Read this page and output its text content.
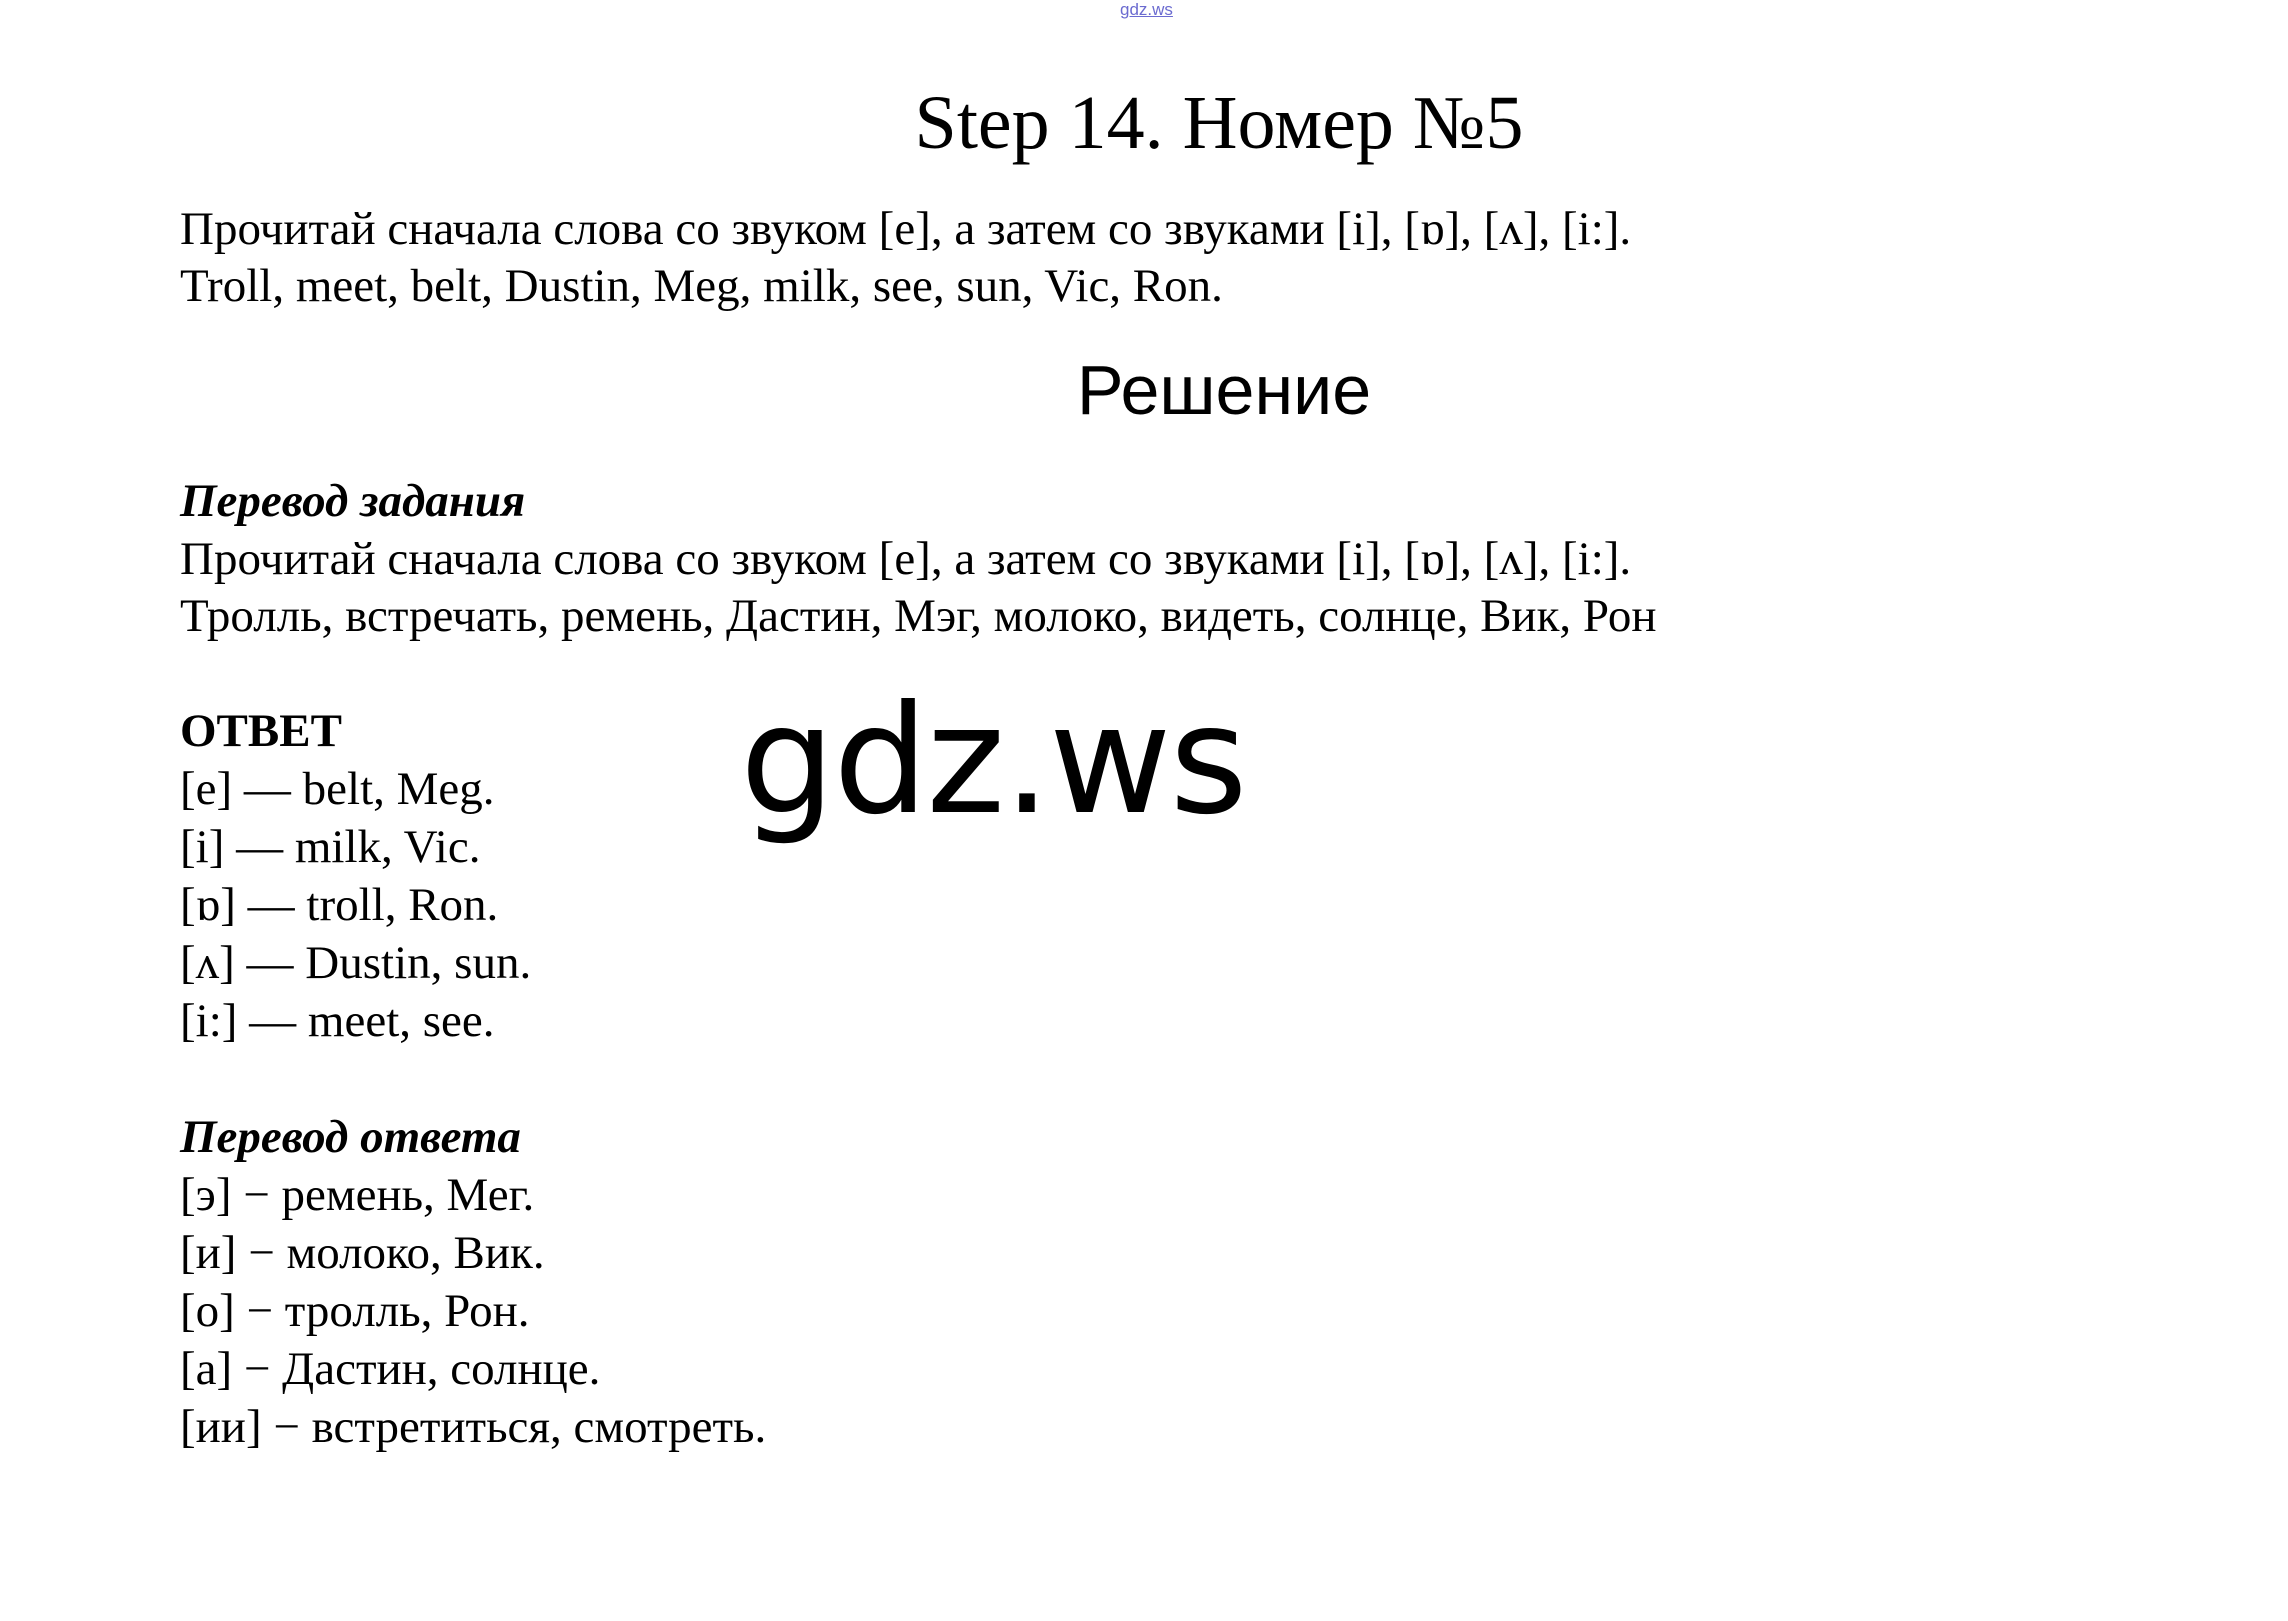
gdz.ws
Step 14. Номер №5
Прочитай сначала слова со звуком [e], а затем со звуками [i], [ɒ], [ʌ], [i:].
Troll, meet, belt, Dustin, Meg, milk, see, sun, Vic, Ron.
Решение
Перевод задания
Прочитай сначала слова со звуком [e], а затем со звуками [i], [ɒ], [ʌ], [i:].
Тролль, встречать, ремень, Дастин, Мэг, молоко, видеть, солнце, Вик, Рон
ОТВЕТ
[e] — belt, Meg.
[i] — milk, Vic.
[ɒ] — troll, Ron.
[ʌ] — Dustin, sun.
[i:] — meet, see.
Перевод ответа
[э] − ремень, Мег.
[и] − молоко, Вик.
[о] − тролль, Рон.
[а] − Дастин, солнце.
[ии] − встретиться, смотреть.
gdz.ws
